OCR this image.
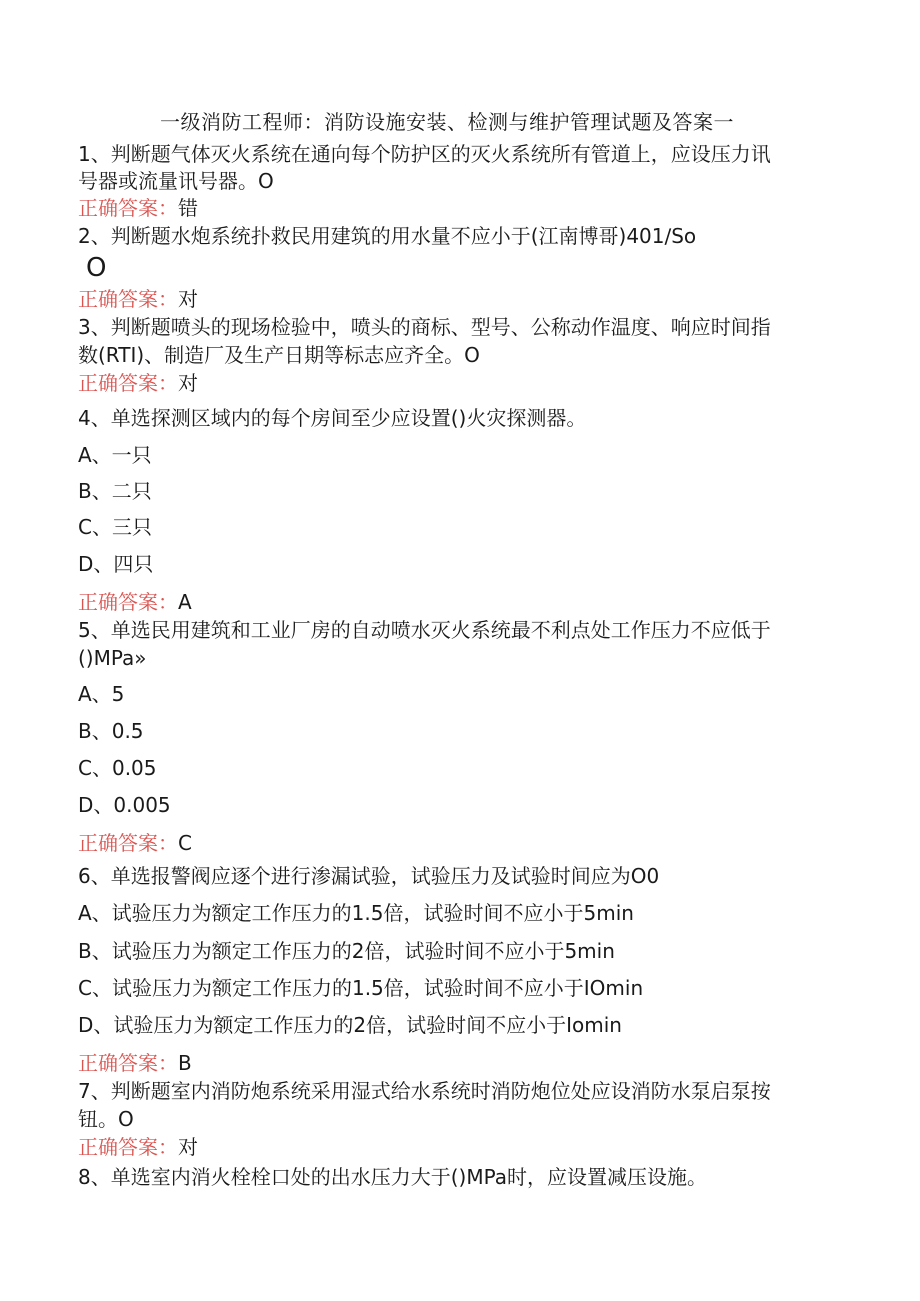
一级消防工程师：消防设施安装、检测与维护管理试题及答案一
1、判断题气体灭火系统在通向每个防护区的灭火系统所有管道上，应设压力讯
号器或流量讯号器。O
正确答案：错
2、判断题水炮系统扑救民用建筑的用水量不应小于(江南博哥)401∕So
O
正确答案：对
3、判断题喷头的现场检验中，喷头的商标、型号、公称动作温度、响应时间指
数(RTI)、制造厂及生产日期等标志应齐全。O
正确答案：对
4、单选探测区域内的每个房间至少应设置()火灾探测器。
A、一只
B、二只
C、三只
D、四只
正确答案：A
5、单选民用建筑和工业厂房的自动喷水灭火系统最不利点处工作压力不应低于
()MPa»
A、5
B、0.5
C、0.05
D、0.005
正确答案：C
6、单选报警阀应逐个进行渗漏试验，试验压力及试验时间应为O0
A、试验压力为额定工作压力的1.5倍，试验时间不应小于5min
B、试验压力为额定工作压力的2倍，试验时间不应小于5min
C、试验压力为额定工作压力的1.5倍，试验时间不应小于IOmin
D、试验压力为额定工作压力的2倍，试验时间不应小于Iomin
正确答案：B
7、判断题室内消防炮系统采用湿式给水系统时消防炮位处应设消防水泵启泵按
钮。O
正确答案：对
8、单选室内消火栓栓口处的出水压力大于()MPa时，应设置减压设施。
